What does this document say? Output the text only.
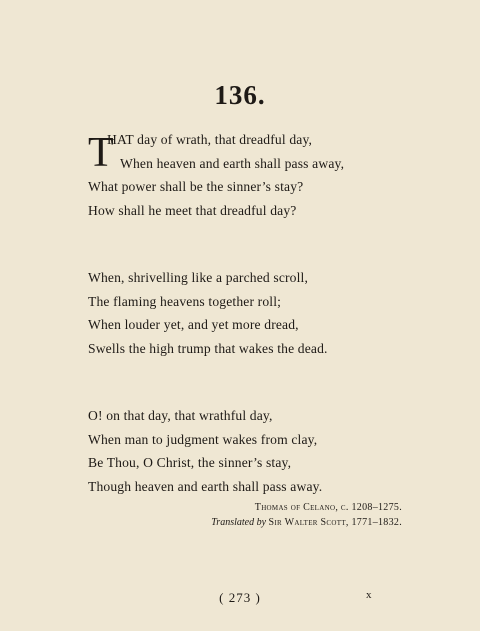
136.
T
HAT day of wrath, that dreadful day,
When heaven and earth shall pass away,
What power shall be the sinner’s stay?
How shall he meet that dreadful day?
When, shrivelling like a parched scroll,
The flaming heavens together roll;
When louder yet, and yet more dread,
Swells the high trump that wakes the dead.
O! on that day, that wrathful day,
When man to judgment wakes from clay,
Be Thou, O Christ, the sinner’s stay,
Though heaven and earth shall pass away.
Thomas of Celano, c. 1208–1275.
Translated by Sir Walter Scott, 1771–1832.
( 273 )	x
